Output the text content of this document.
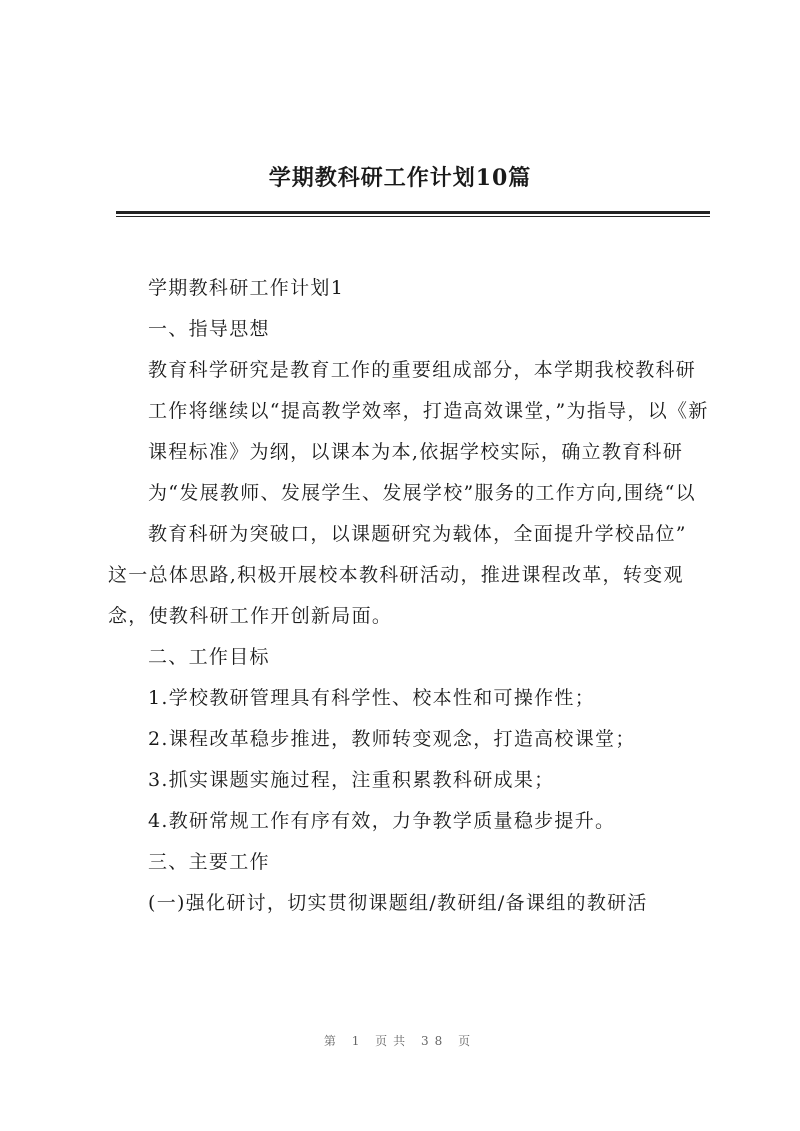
学期教科研工作计划10篇

学期教科研工作计划1

一、指导思想

教育科学研究是教育工作的重要组成部分，本学期我校教科研工作将继续以“提高教学效率，打造高效课堂，”为指导，以《新课程标准》为纲，以课本为本,依据学校实际，确立教育科研为“发展教师、发展学生、发展学校”服务的工作方向,围绕“以教育科研为突破口，以课题研究为载体，全面提升学校品位”

这一总体思路,积极开展校本教科研活动，推进课程改革，转变观念，使教科研工作开创新局面。

二、工作目标

1.学校教研管理具有科学性、校本性和可操作性；

2.课程改革稳步推进，教师转变观念，打造高校课堂；

3.抓实课题实施过程，注重积累教科研成果；

4.教研常规工作有序有效，力争教学质量稳步提升。

三、主要工作

(一)强化研讨，切实贯彻课题组/教研组/备课组的教研活

第 1 页共 38 页
